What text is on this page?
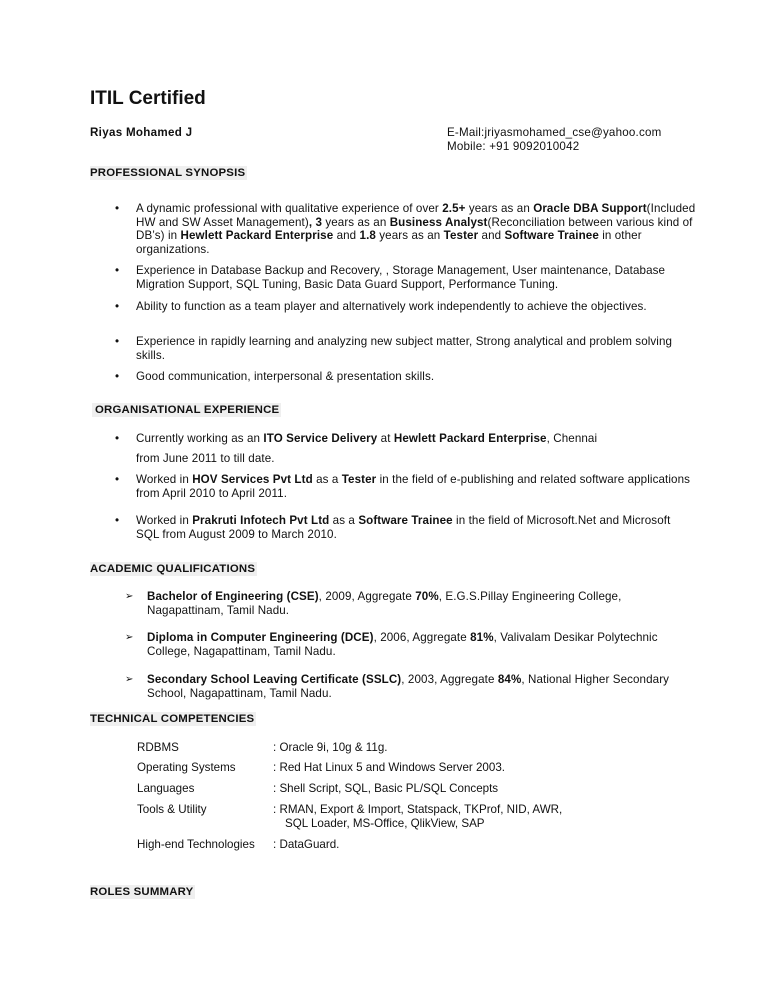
ITIL Certified
Riyas Mohamed J	E-Mail:jriyasmohamed_cse@yahoo.com
Mobile: +91 9092010042
PROFESSIONAL SYNOPSIS
• A dynamic professional with qualitative experience of over 2.5+ years as an Oracle DBA Support(Included HW and SW Asset Management), 3 years as an Business Analyst(Reconciliation between various kind of DB’s) in Hewlett Packard Enterprise and 1.8 years as an Tester and Software Trainee in other organizations.
• Experience in Database Backup and Recovery, , Storage Management, User maintenance, Database Migration Support, SQL Tuning, Basic Data Guard Support, Performance Tuning.
• Ability to function as a team player and alternatively work independently to achieve the objectives.
• Experience in rapidly learning and analyzing new subject matter, Strong analytical and problem solving skills.
• Good communication, interpersonal & presentation skills.
ORGANISATIONAL EXPERIENCE
• Currently working as an ITO Service Delivery at Hewlett Packard Enterprise, Chennai
from June 2011 to till date.
• Worked in HOV Services Pvt Ltd as a Tester in the field of e-publishing and related software applications from April 2010 to April 2011.
• Worked in Prakruti Infotech Pvt Ltd as a Software Trainee in the field of Microsoft.Net and Microsoft SQL from August 2009 to March 2010.
ACADEMIC QUALIFICATIONS
➢ Bachelor of Engineering (CSE), 2009, Aggregate 70%, E.G.S.Pillay Engineering College, Nagapattinam, Tamil Nadu.
➢ Diploma in Computer Engineering (DCE), 2006, Aggregate 81%, Valivalam Desikar Polytechnic College, Nagapattinam, Tamil Nadu.
➢ Secondary School Leaving Certificate (SSLC), 2003, Aggregate 84%, National Higher Secondary School, Nagapattinam, Tamil Nadu.
TECHNICAL COMPETENCIES
RDBMS	: Oracle 9i, 10g & 11g.
Operating Systems	: Red Hat Linux 5 and Windows Server 2003.
Languages	: Shell Script, SQL, Basic PL/SQL Concepts
Tools & Utility	: RMAN, Export & Import, Statspack, TKProf, NID, AWR,
SQL Loader, MS-Office, QlikView, SAP
High-end Technologies : DataGuard.
ROLES SUMMARY
